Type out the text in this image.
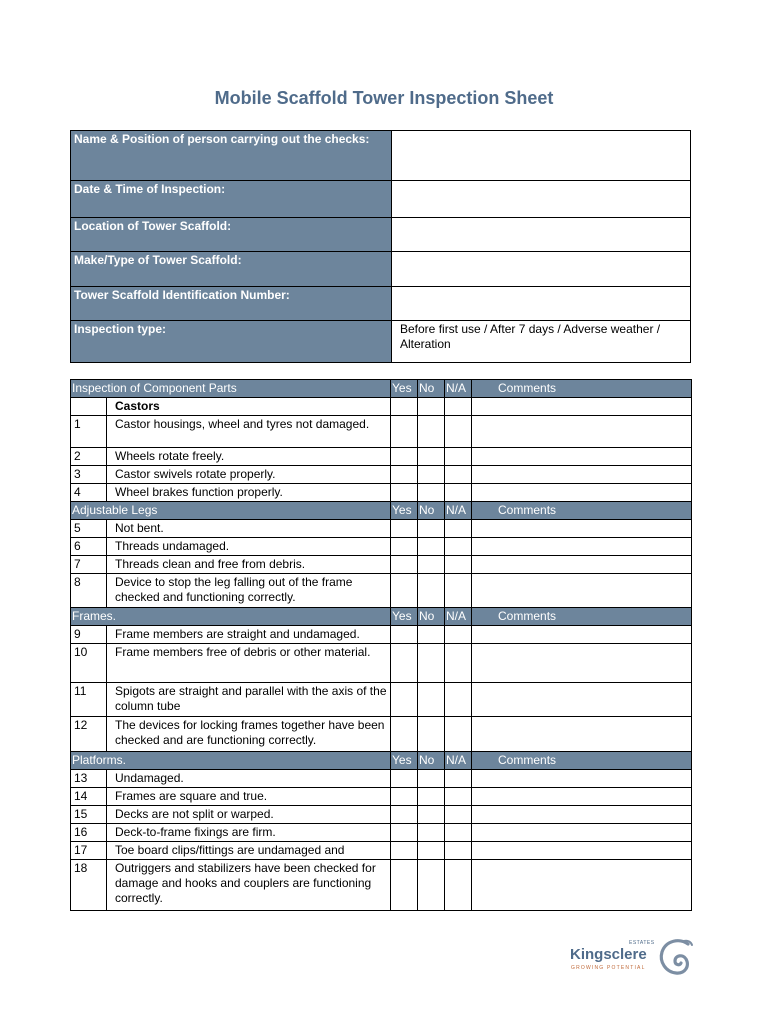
Mobile Scaffold Tower Inspection Sheet
Name & Position of person carrying out the checks:	
Date & Time of Inspection:	
Location of Tower Scaffold:	
Make/Type of Tower Scaffold:	
Tower Scaffold Identification Number:	
Inspection type:	Before first use / After 7 days / Adverse weather / Alteration
Inspection of Component Parts		Yes	No	N/A	Comments
	Castors				
1	Castor housings, wheel and tyres not damaged.				
2	Wheels rotate freely.				
3	Castor swivels rotate properly.				
4	Wheel brakes function properly.				
Adjustable Legs		Yes	No	N/A	Comments
5	Not bent.				
6	Threads undamaged.				
7	Threads clean and free from debris.				
8	Device to stop the leg falling out of the frame checked and functioning correctly.				
Frames.		Yes	No	N/A	Comments
9	Frame members are straight and undamaged.				
10	Frame members free of debris or other material.				
11	Spigots are straight and parallel with the axis of the column tube				
12	The devices for locking frames together have been checked and are functioning correctly.				
Platforms.		Yes	No	N/A	Comments
13	Undamaged.				
14	Frames are square and true.				
15	Decks are not split or warped.				
16	Deck-to-frame fixings are firm.				
17	Toe board clips/fittings are undamaged and				
18	Outriggers and stabilizers have been checked for damage and hooks and couplers are functioning correctly.				
ESTATES
Kingsclere
GROWING POTENTIAL
